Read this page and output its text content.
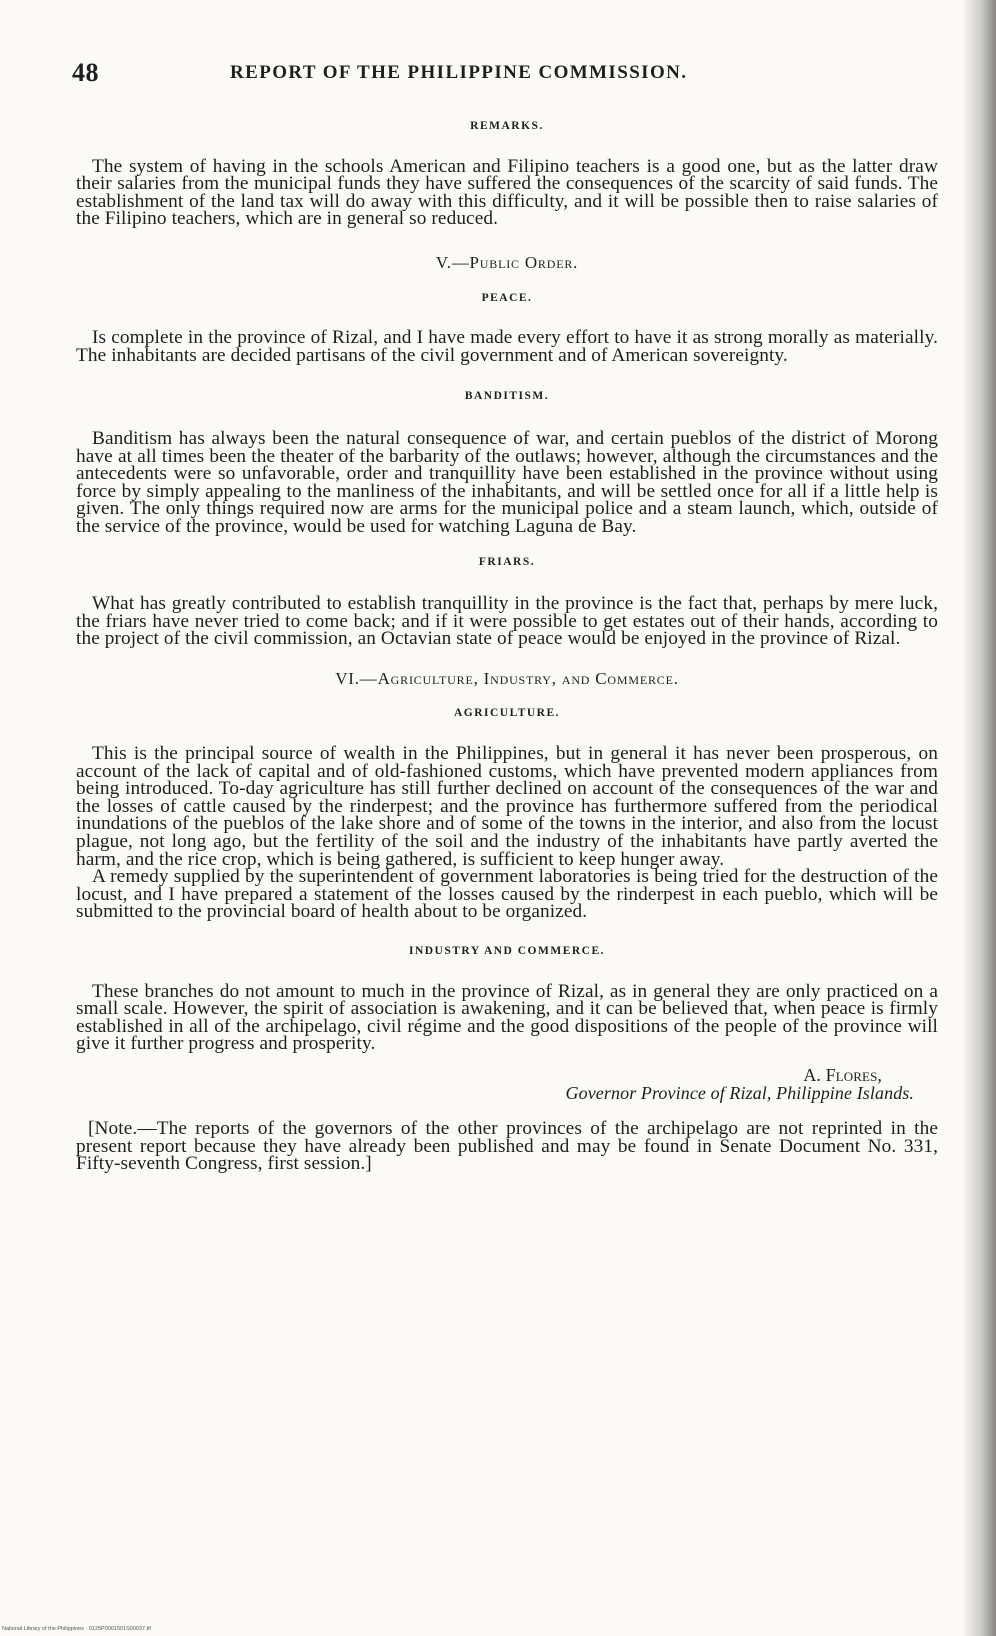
48	REPORT OF THE PHILIPPINE COMMISSION.
REMARKS.

The system of having in the schools American and Filipino teachers is a good one, but as the latter draw their salaries from the municipal funds they have suffered the consequences of the scarcity of said funds. The establishment of the land tax will do away with this difficulty, and it will be possible then to raise salaries of the Filipino teachers, which are in general so reduced.

V.—Public Order.
PEACE.

Is complete in the province of Rizal, and I have made every effort to have it as strong morally as materially. The inhabitants are decided partisans of the civil government and of American sovereignty.

BANDITISM.

Banditism has always been the natural consequence of war, and certain pueblos of the district of Morong have at all times been the theater of the barbarity of the outlaws; however, although the circumstances and the antecedents were so unfavorable, order and tranquillity have been established in the province without using force by simply appealing to the manliness of the inhabitants, and will be settled once for all if a little help is given. The only things required now are arms for the municipal police and a steam launch, which, outside of the service of the province, would be used for watching Laguna de Bay.

FRIARS.

What has greatly contributed to establish tranquillity in the province is the fact that, perhaps by mere luck, the friars have never tried to come back; and if it were possible to get estates out of their hands, according to the project of the civil commission, an Octavian state of peace would be enjoyed in the province of Rizal.

VI.—Agriculture, Industry, and Commerce.
AGRICULTURE.

This is the principal source of wealth in the Philippines, but in general it has never been prosperous, on account of the lack of capital and of old-fashioned customs, which have prevented modern appliances from being introduced. To-day agriculture has still further declined on account of the consequences of the war and the losses of cattle caused by the rinderpest; and the province has furthermore suffered from the periodical inundations of the pueblos of the lake shore and of some of the towns in the interior, and also from the locust plague, not long ago, but the fertility of the soil and the industry of the inhabitants have partly averted the harm, and the rice crop, which is being gathered, is sufficient to keep hunger away.

A remedy supplied by the superintendent of government laboratories is being tried for the destruction of the locust, and I have prepared a statement of the losses caused by the rinderpest in each pueblo, which will be submitted to the provincial board of health about to be organized.

INDUSTRY AND COMMERCE.

These branches do not amount to much in the province of Rizal, as in general they are only practiced on a small scale. However, the spirit of association is awakening, and it can be believed that, when peace is firmly established in all of the archipelago, civil régime and the good dispositions of the people of the province will give it further progress and prosperity.

A. Flores,

Governor Province of Rizal, Philippine Islands.

[Note.—The reports of the governors of the other provinces of the archipelago are not reprinted in the present report because they have already been published and may be found in Senate Document No. 331, Fifty-seventh Congress, first session.]

National Library of the Philippines · 0125P0001501S00037.tif
